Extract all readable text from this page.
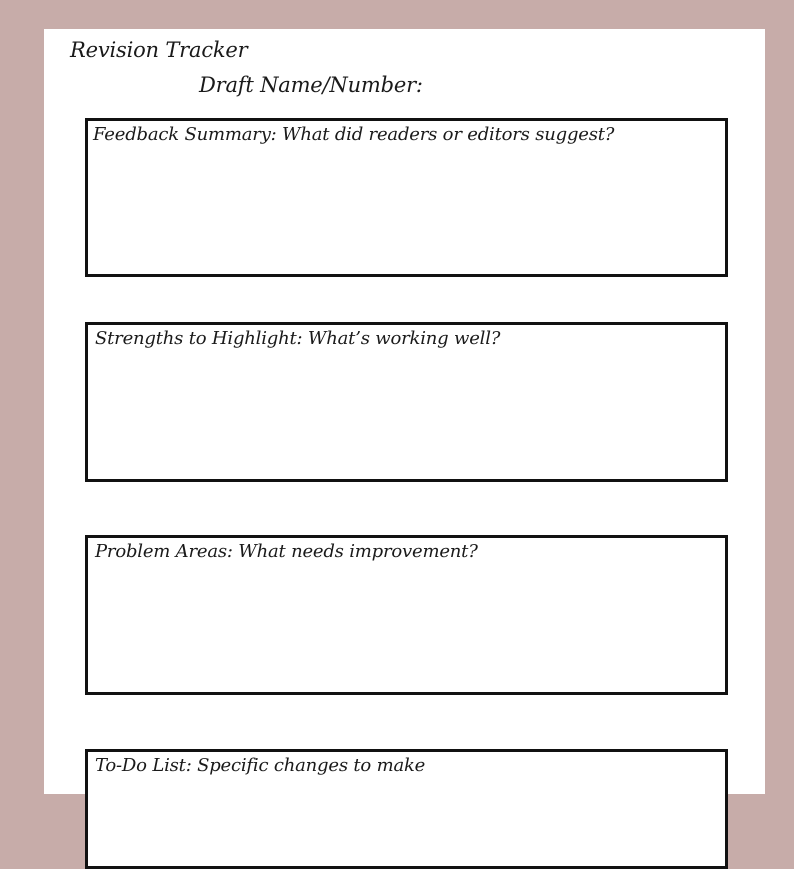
Revision Tracker
Draft Name/Number:
Feedback Summary: What did readers or editors suggest?
Strengths to Highlight: What’s working well?
Problem Areas: What needs improvement?
To-Do List: Specific changes to make
